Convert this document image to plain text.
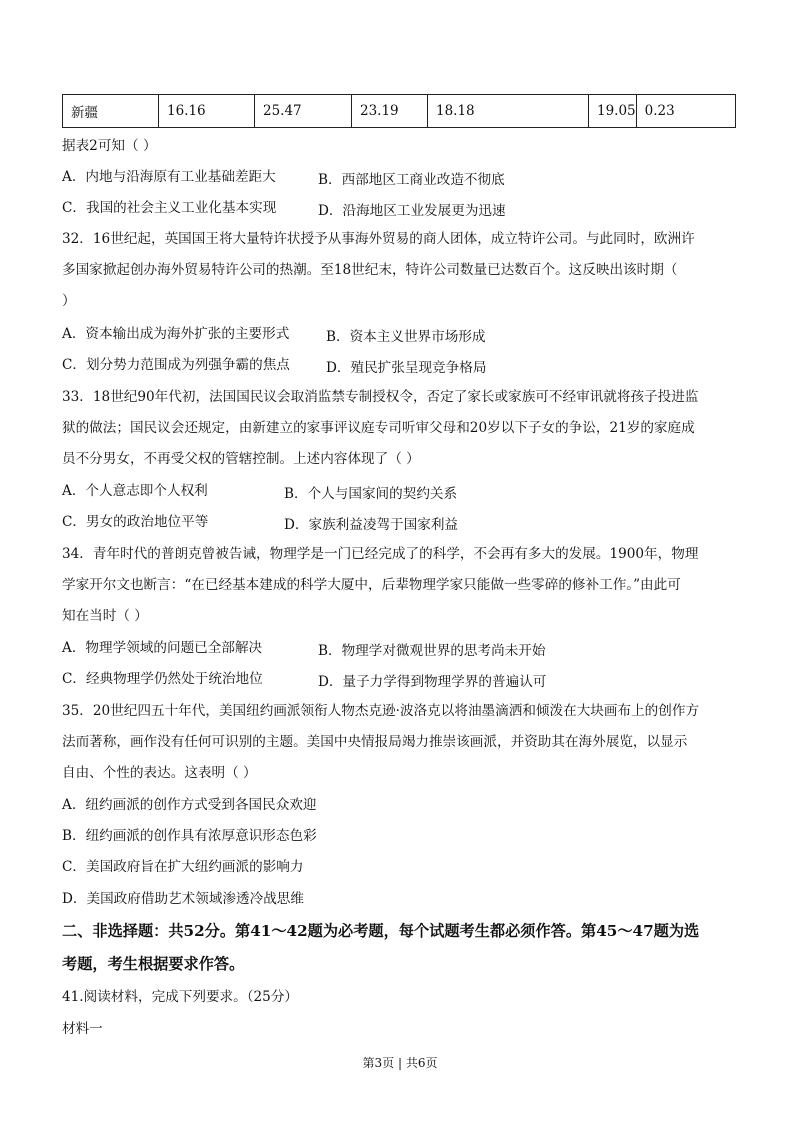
新疆	16.16	25.47	23.19	18.18	19.05	0.23
据表2可知（ ）
A．内地与沿海原有工业基础差距大	B．西部地区工商业改造不彻底
C．我国的社会主义工业化基本实现	D．沿海地区工业发展更为迅速
32．16世纪起，英国国王将大量特许状授予从事海外贸易的商人团体，成立特许公司。与此同时，欧洲许
多国家掀起创办海外贸易特许公司的热潮。至18世纪末，特许公司数量已达数百个。这反映出该时期（
）
A．资本输出成为海外扩张的主要形式	B．资本主义世界市场形成
C．划分势力范围成为列强争霸的焦点	D．殖民扩张呈现竞争格局
33．18世纪90年代初，法国国民议会取消监禁专制授权令，否定了家长或家族可不经审讯就将孩子投进监
狱的做法；国民议会还规定，由新建立的家事评议庭专司听审父母和20岁以下子女的争讼，21岁的家庭成
员不分男女，不再受父权的管辖控制。上述内容体现了（ ）
A．个人意志即个人权利	B．个人与国家间的契约关系
C．男女的政治地位平等	D．家族利益凌驾于国家利益
34．青年时代的普朗克曾被告诫，物理学是一门已经完成了的科学，不会再有多大的发展。1900年，物理
学家开尔文也断言：“在已经基本建成的科学大厦中，后辈物理学家只能做一些零碎的修补工作。”由此可
知在当时（ ）
A．物理学领域的问题已全部解决	B．物理学对微观世界的思考尚未开始
C．经典物理学仍然处于统治地位	D．量子力学得到物理学界的普遍认可
35．20世纪四五十年代，美国纽约画派领衔人物杰克逊·波洛克以将油墨滴洒和倾泼在大块画布上的创作方
法而著称，画作没有任何可识别的主题。美国中央情报局竭力推崇该画派，并资助其在海外展览，以显示
自由、个性的表达。这表明（ ）
A．纽约画派的创作方式受到各国民众欢迎
B．纽约画派的创作具有浓厚意识形态色彩
C．美国政府旨在扩大纽约画派的影响力
D．美国政府借助艺术领域渗透冷战思维
二、非选择题：共52分。第41～42题为必考题，每个试题考生都必须作答。第45～47题为选
考题，考生根据要求作答。
41.阅读材料，完成下列要求。（25分）
材料一
第3页 | 共6页
